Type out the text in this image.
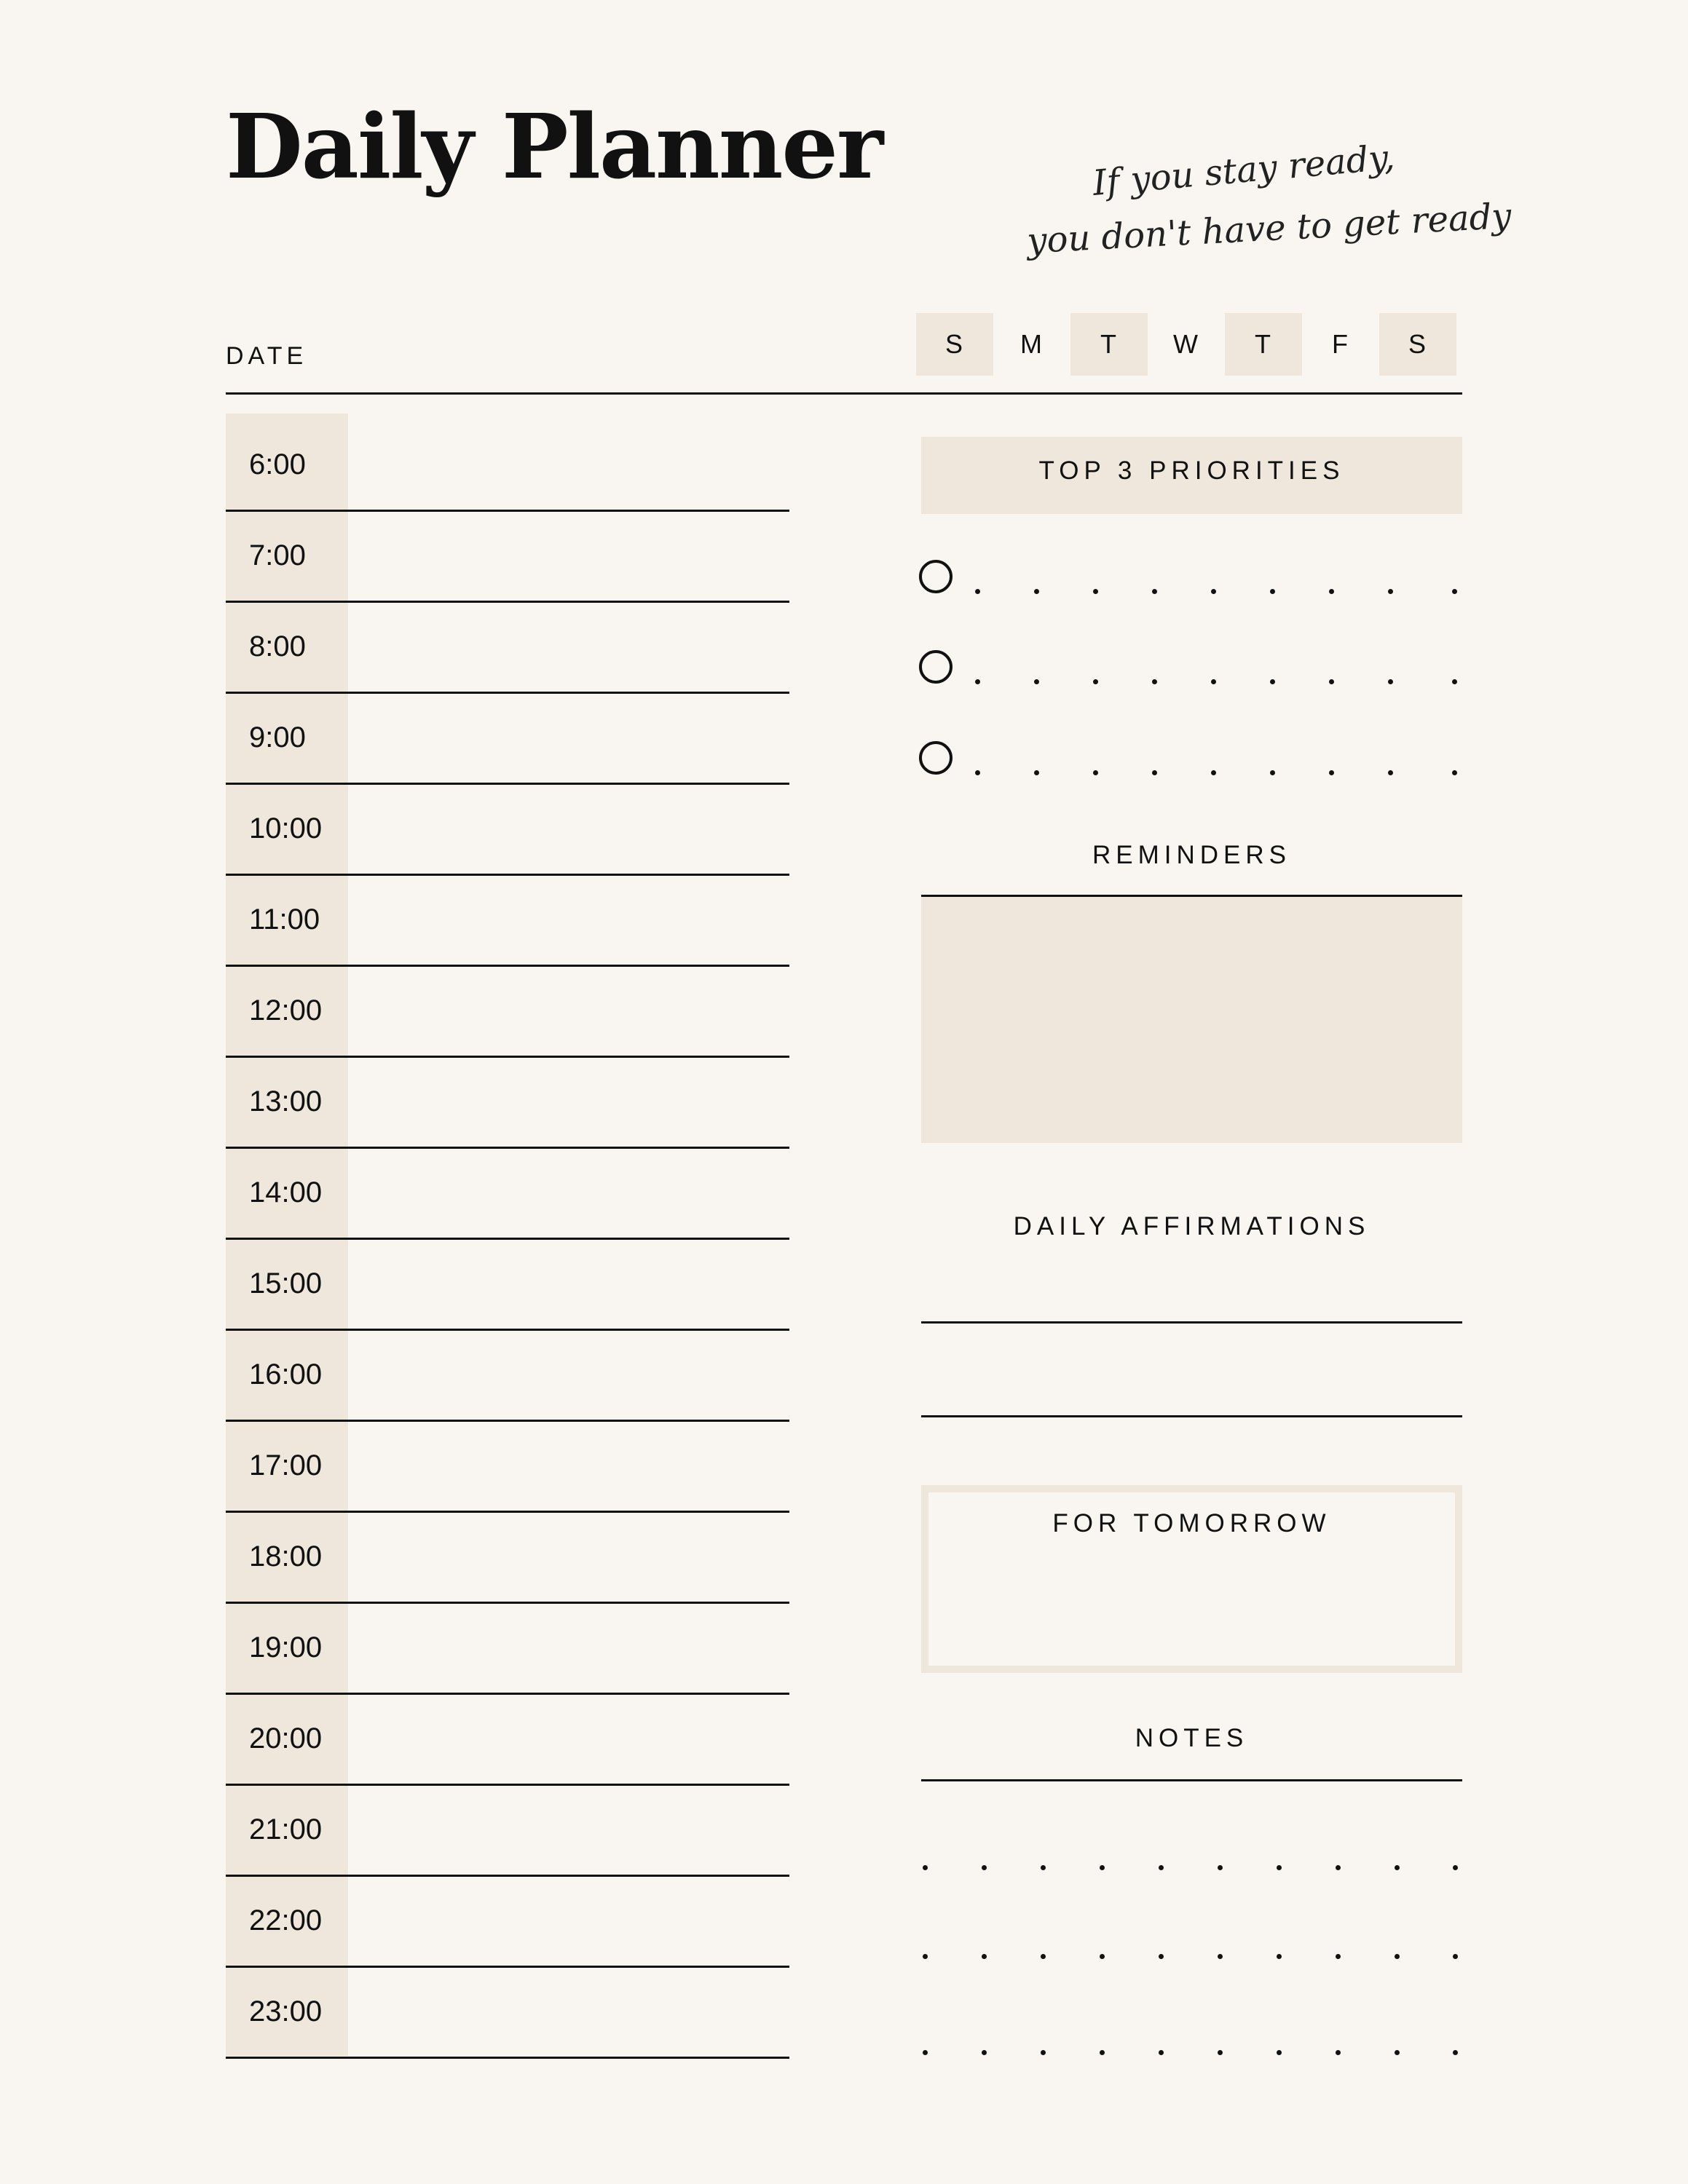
Daily Planner	If you stay ready,
you don't have to get ready
DATE	S	M	T	W	T	F	S
6:00
7:00
8:00
9:00
10:00
11:00
12:00
13:00
14:00
15:00
16:00
17:00
18:00
19:00
20:00
21:00
22:00
23:00
TOP 3 PRIORITIES
REMINDERS
DAILY AFFIRMATIONS
FOR TOMORROW
NOTES
